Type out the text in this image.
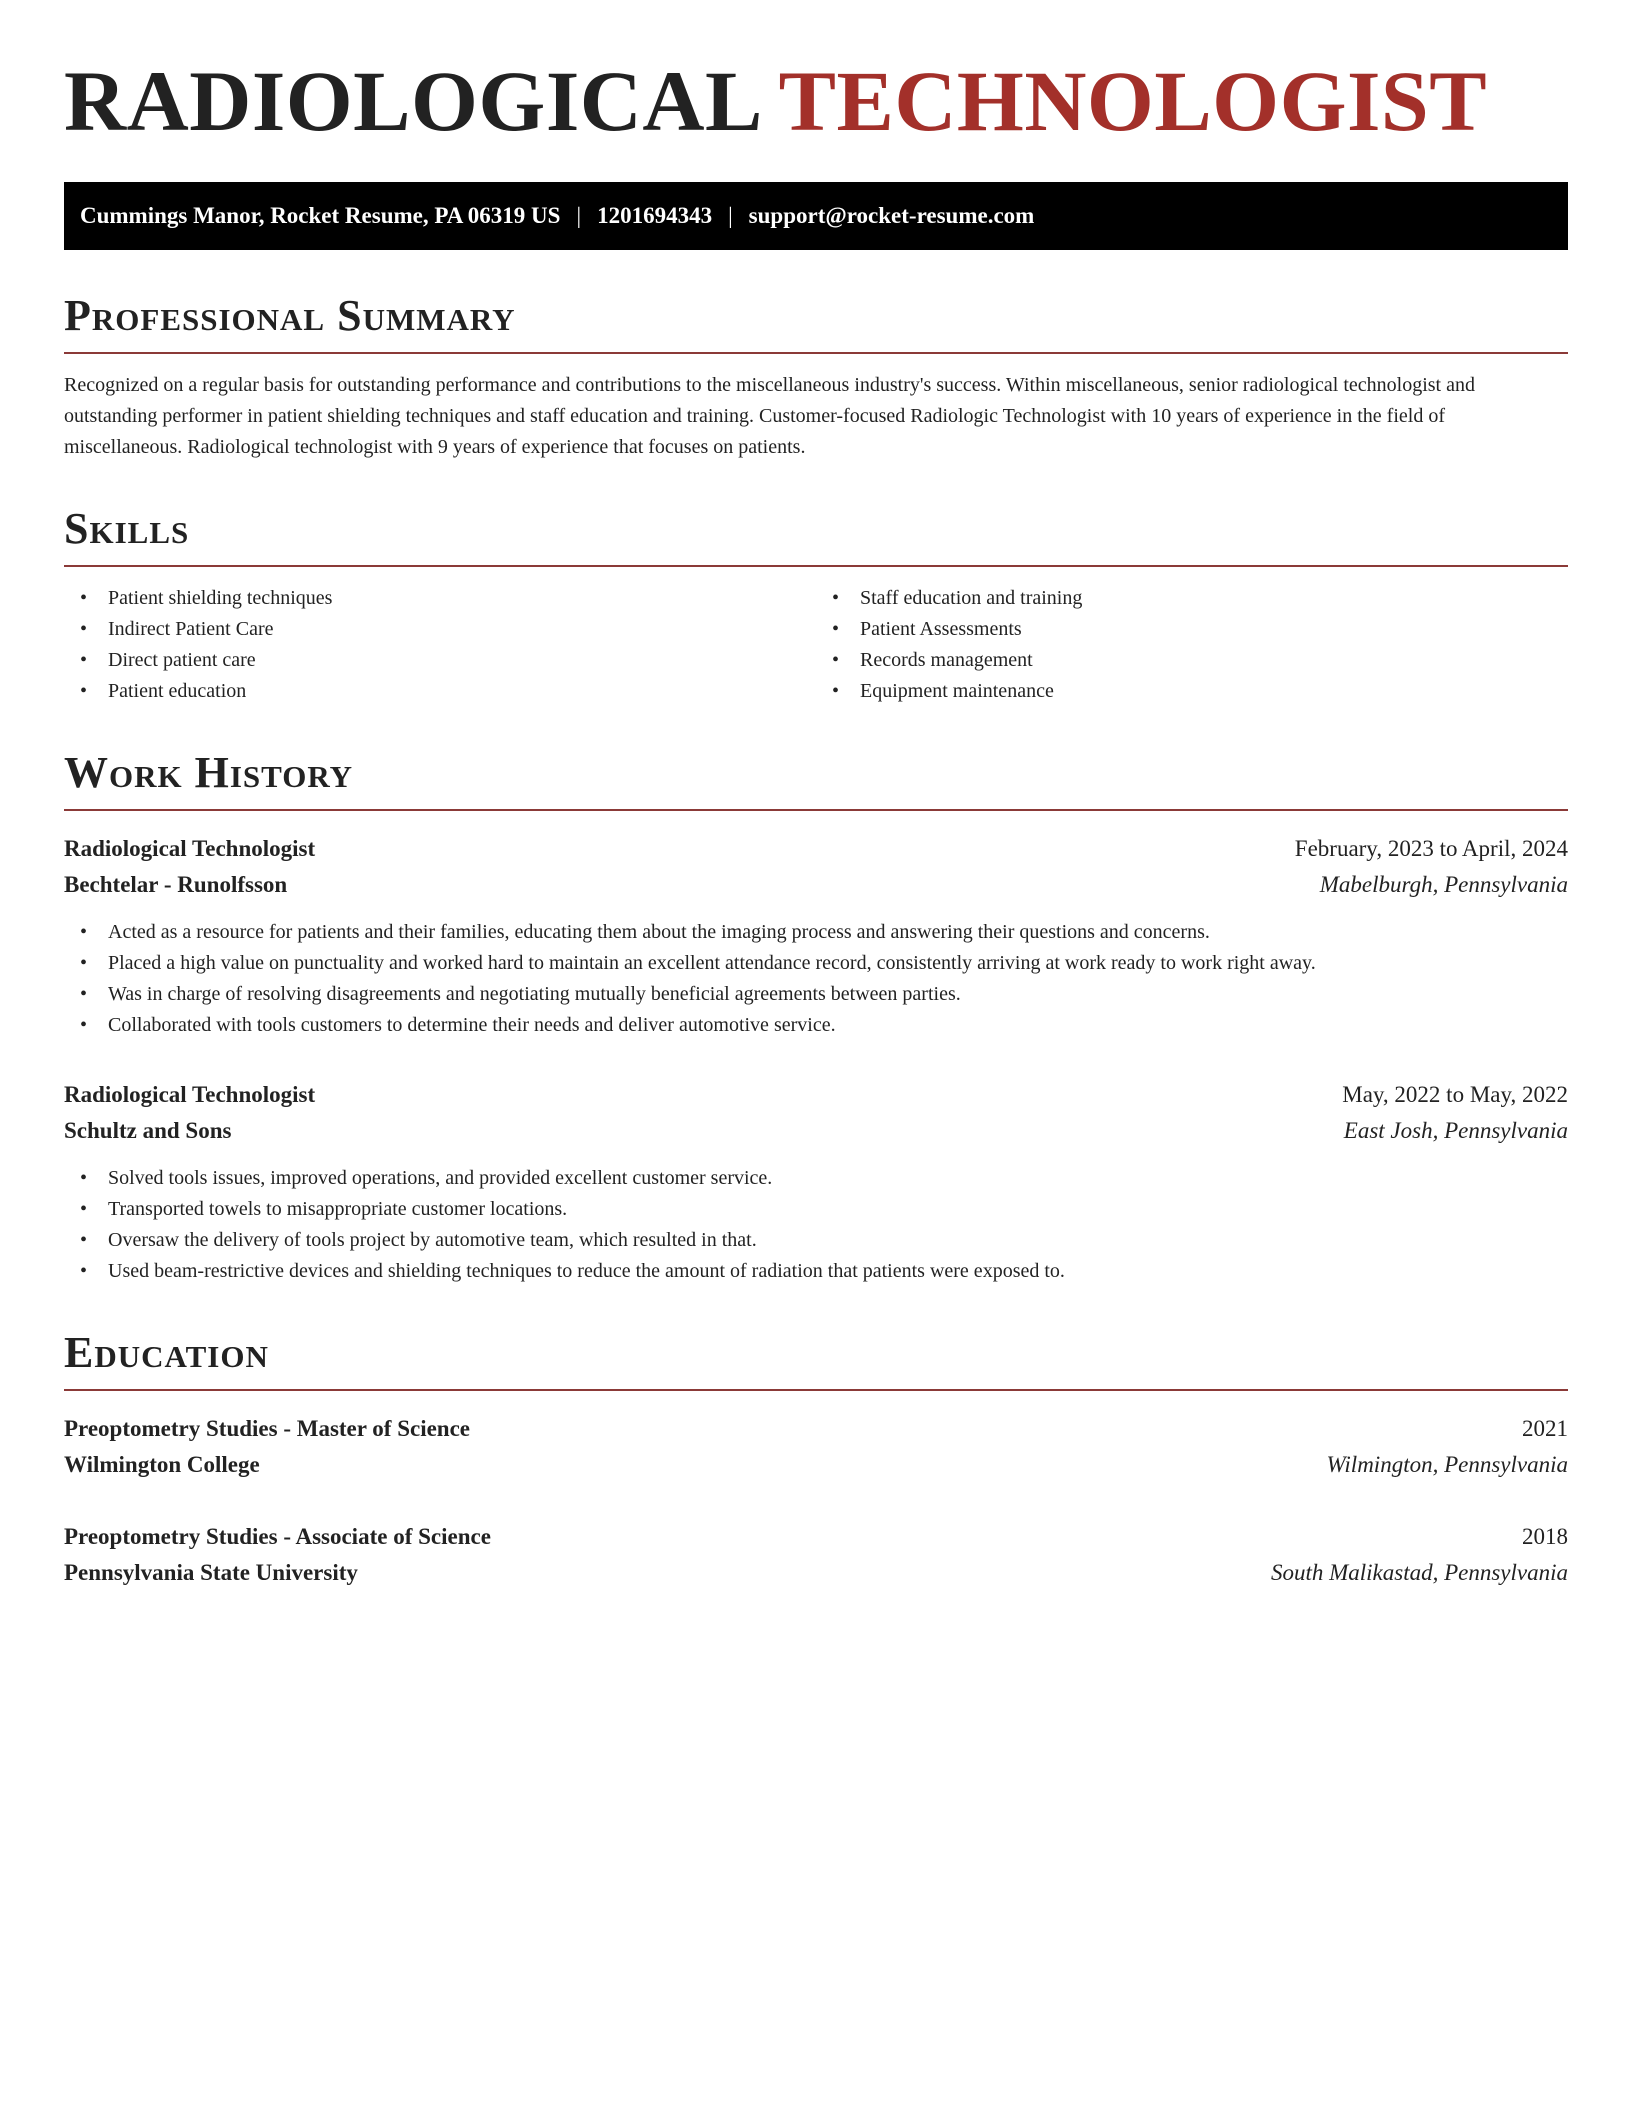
RADIOLOGICAL TECHNOLOGIST
Cummings Manor, Rocket Resume, PA 06319 US | 1201694343 | support@rocket-resume.com
Professional Summary

Recognized on a regular basis for outstanding performance and contributions to the miscellaneous industry's success. Within miscellaneous, senior radiological technologist and outstanding performer in patient shielding techniques and staff education and training. Customer-focused Radiologic Technologist with 10 years of experience in the field of miscellaneous. Radiological technologist with 9 years of experience that focuses on patients.

Skills
• Patient shielding techniques	• Staff education and training
• Indirect Patient Care	• Patient Assessments
• Direct patient care	• Records management
• Patient education	• Equipment maintenance
Work History
Radiological Technologist	February, 2023 to April, 2024
Bechtelar - Runolfsson	Mabelburgh, Pennsylvania
• Acted as a resource for patients and their families, educating them about the imaging process and answering their questions and concerns.
• Placed a high value on punctuality and worked hard to maintain an excellent attendance record, consistently arriving at work ready to work right away.
• Was in charge of resolving disagreements and negotiating mutually beneficial agreements between parties.
• Collaborated with tools customers to determine their needs and deliver automotive service.
Radiological Technologist	May, 2022 to May, 2022
Schultz and Sons	East Josh, Pennsylvania
• Solved tools issues, improved operations, and provided excellent customer service.
• Transported towels to misappropriate customer locations.
• Oversaw the delivery of tools project by automotive team, which resulted in that.
• Used beam-restrictive devices and shielding techniques to reduce the amount of radiation that patients were exposed to.
Education
Preoptometry Studies - Master of Science	2021
Wilmington College	Wilmington, Pennsylvania
Preoptometry Studies - Associate of Science	2018
Pennsylvania State University	South Malikastad, Pennsylvania
